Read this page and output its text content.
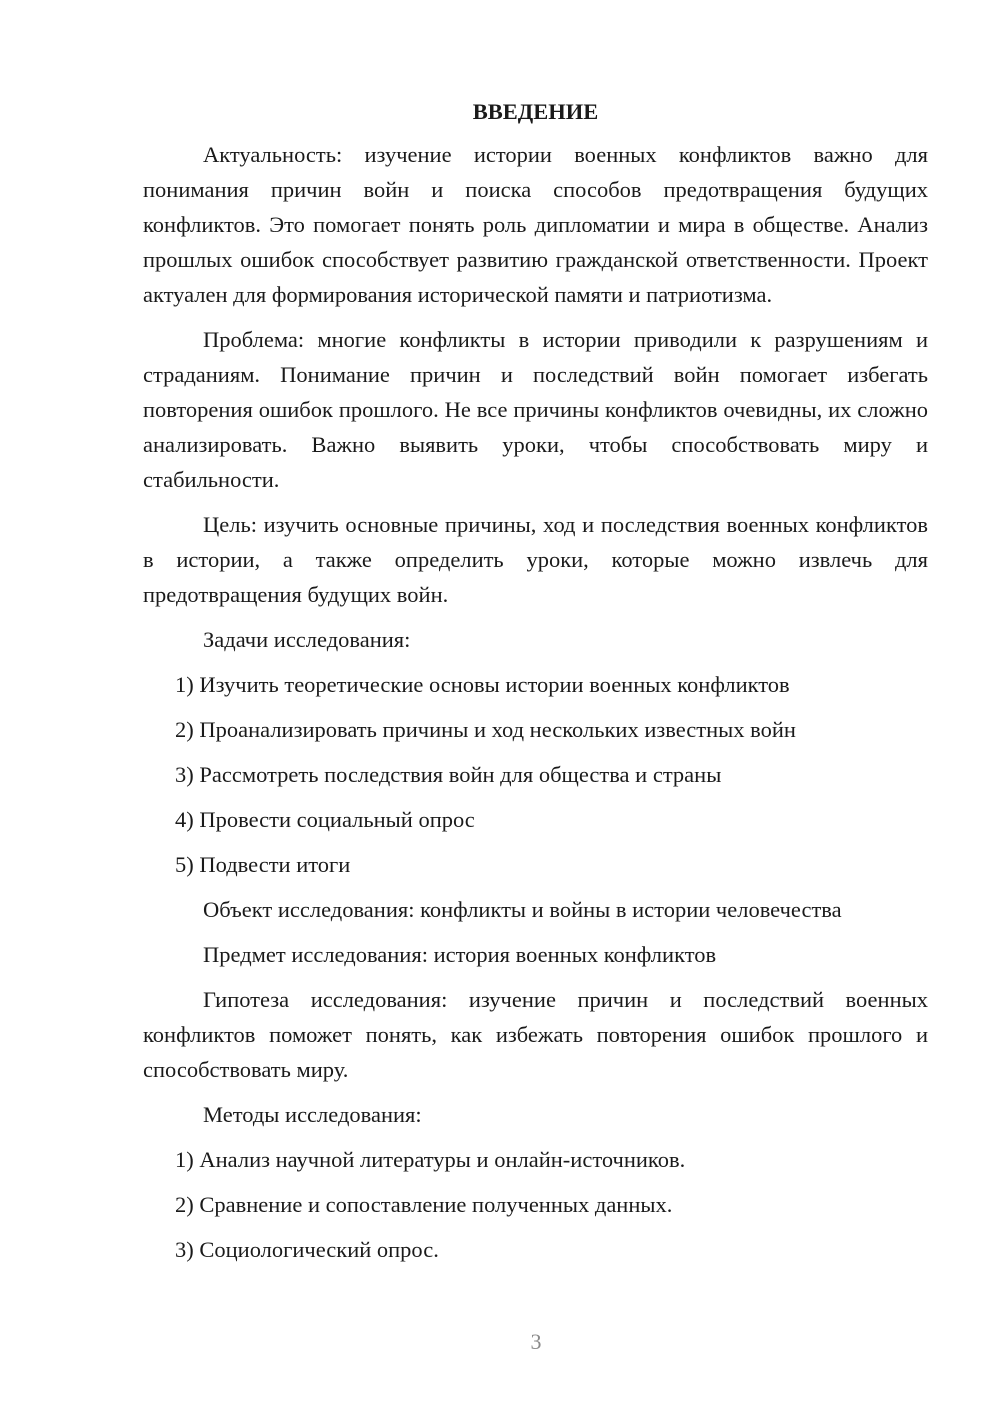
ВВЕДЕНИЕ

Актуальность: изучение истории военных конфликтов важно для понимания причин войн и поиска способов предотвращения будущих конфликтов. Это помогает понять роль дипломатии и мира в обществе. Анализ прошлых ошибок способствует развитию гражданской ответственности. Проект актуален для формирования исторической памяти и патриотизма.

Проблема: многие конфликты в истории приводили к разрушениям и страданиям. Понимание причин и последствий войн помогает избегать повторения ошибок прошлого. Не все причины конфликтов очевидны, их сложно анализировать. Важно выявить уроки, чтобы способствовать миру и стабильности.

Цель: изучить основные причины, ход и последствия военных конфликтов в истории, а также определить уроки, которые можно извлечь для предотвращения будущих войн.

Задачи исследования:

1) Изучить теоретические основы истории военных конфликтов
2) Проанализировать причины и ход нескольких известных войн
3) Рассмотреть последствия войн для общества и страны
4) Провести социальный опрос
5) Подвести итоги

Объект исследования: конфликты и войны в истории человечества

Предмет исследования: история военных конфликтов

Гипотеза исследования: изучение причин и последствий военных конфликтов поможет понять, как избежать повторения ошибок прошлого и способствовать миру.

Методы исследования:

1) Анализ научной литературы и онлайн-источников.
2) Сравнение и сопоставление полученных данных.
3) Социологический опрос.
3
